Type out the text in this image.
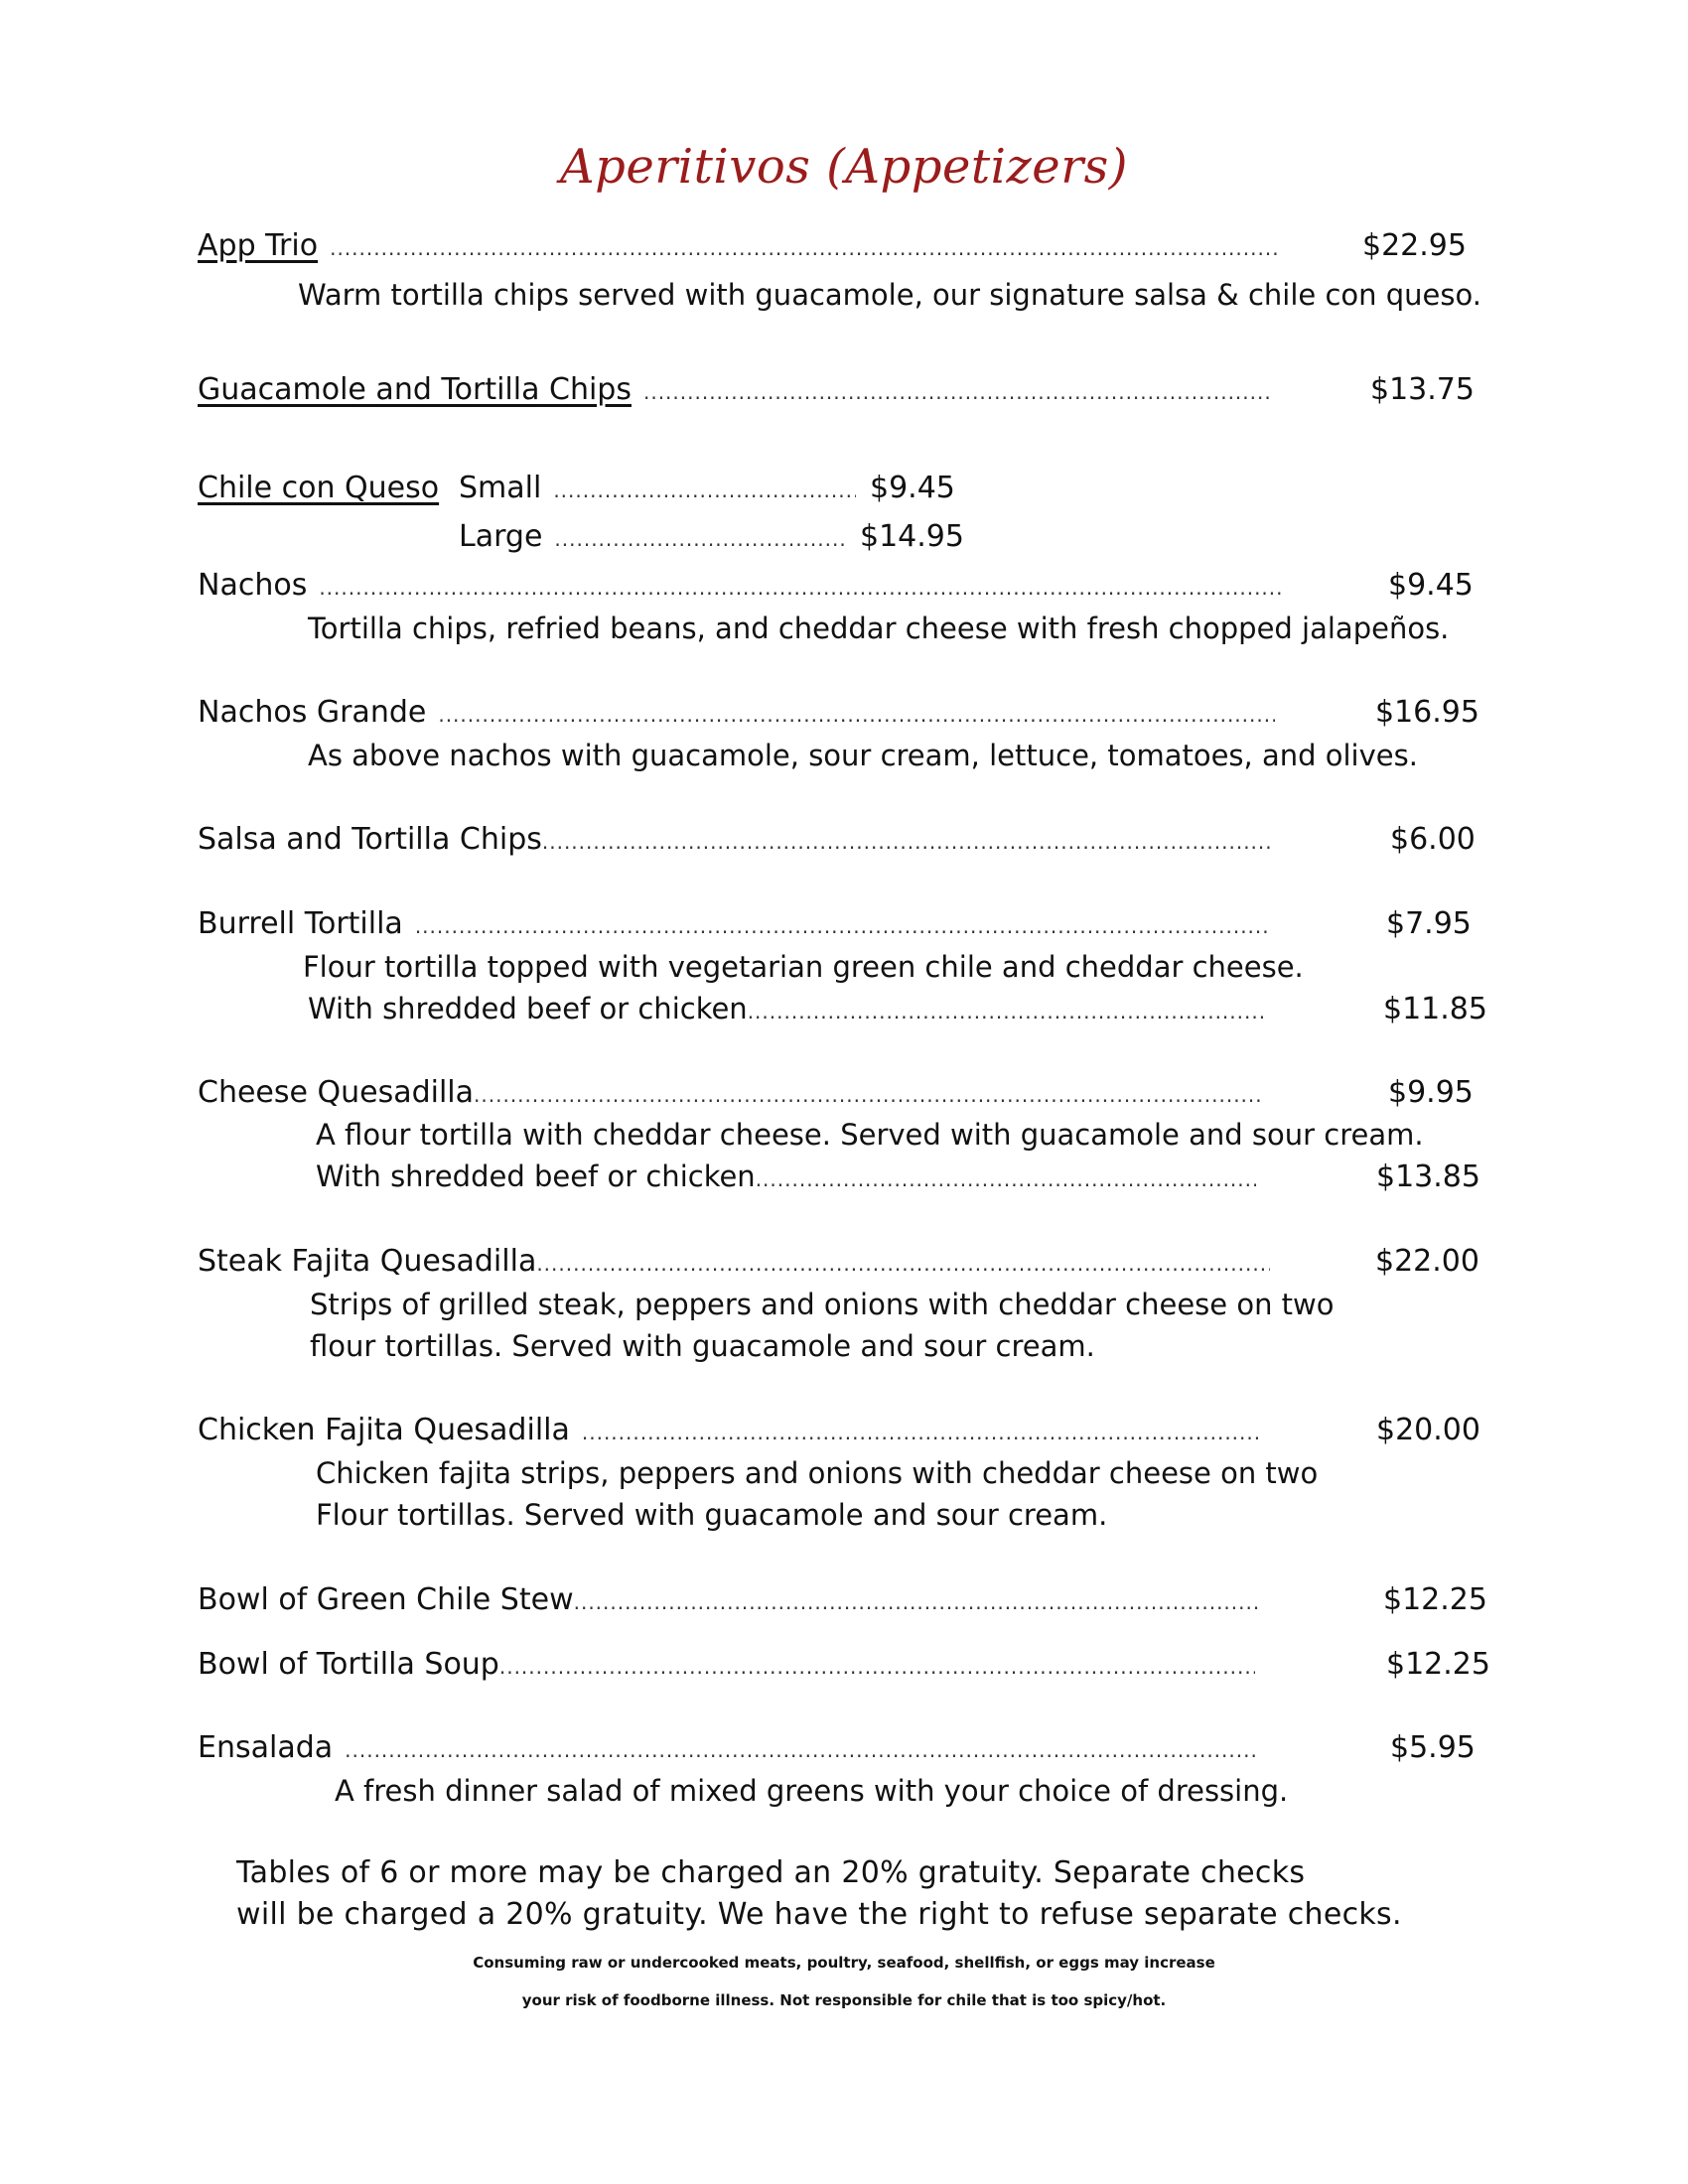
Aperitivos (Appetizers)
App Trio .....	$22.95
Warm tortilla chips served with guacamole, our signature salsa & chile con queso.
Guacamole and Tortilla Chips .....	$13.75
Chile con Queso Small .....	$9.45
Large .....	$14.95
Nachos .....	$9.45
Tortilla chips, refried beans, and cheddar cheese with fresh chopped jalapeños.
Nachos Grande .....	$16.95
As above nachos with guacamole, sour cream, lettuce, tomatoes, and olives.
Salsa and Tortilla Chips .....	$6.00
Burrell Tortilla .....	$7.95
Flour tortilla topped with vegetarian green chile and cheddar cheese.
With shredded beef or chicken .....	$11.85
Cheese Quesadilla .....	$9.95
A flour tortilla with cheddar cheese. Served with guacamole and sour cream.
With shredded beef or chicken .....	$13.85
Steak Fajita Quesadilla .....	$22.00
Strips of grilled steak, peppers and onions with cheddar cheese on two
flour tortillas. Served with guacamole and sour cream.
Chicken Fajita Quesadilla .....	$20.00
Chicken fajita strips, peppers and onions with cheddar cheese on two
Flour tortillas. Served with guacamole and sour cream.
Bowl of Green Chile Stew .....	$12.25
Bowl of Tortilla Soup .....	$12.25
Ensalada .....	$5.95
A fresh dinner salad of mixed greens with your choice of dressing.
Tables of 6 or more may be charged an 20% gratuity. Separate checks
will be charged a 20% gratuity. We have the right to refuse separate checks.
Consuming raw or undercooked meats, poultry, seafood, shellfish, or eggs may increase
your risk of foodborne illness. Not responsible for chile that is too spicy/hot.
